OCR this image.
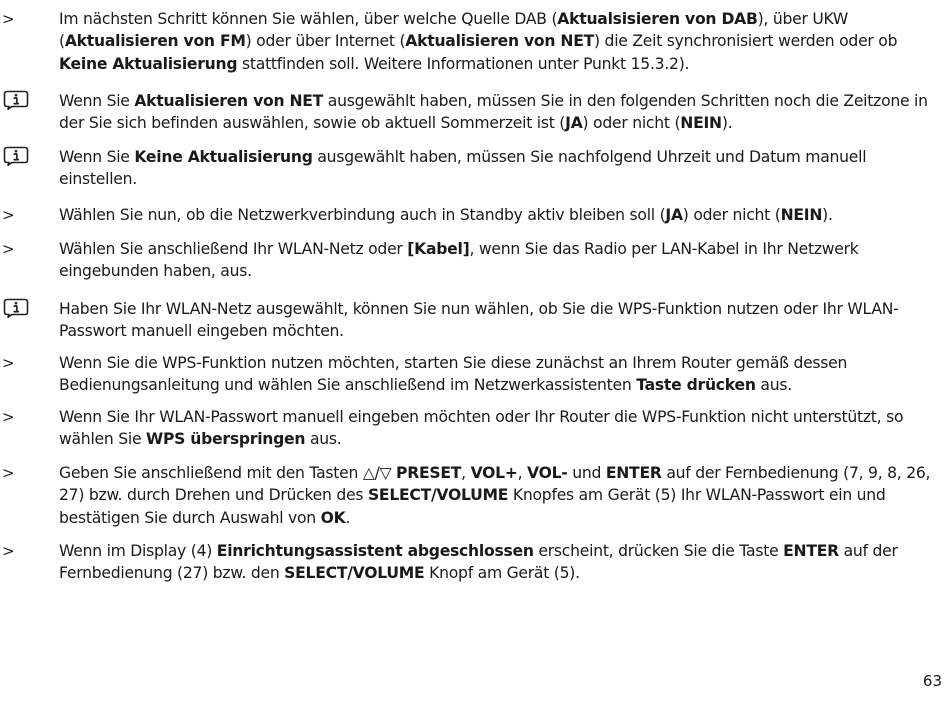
>	Im nächsten Schritt können Sie wählen, über welche Quelle DAB (Aktualsisieren von DAB), über UKW (Aktualisieren von FM) oder über Internet (Aktualisieren von NET) die Zeit synchronisiert werden oder ob Keine Aktualisierung stattfinden soll. Weitere Informationen unter Punkt 15.3.2).
Wenn Sie Aktualisieren von NET ausgewählt haben, müssen Sie in den folgenden Schritten noch die Zeitzone in der Sie sich befinden auswählen, sowie ob aktuell Sommerzeit ist (JA) oder nicht (NEIN).
Wenn Sie Keine Aktualisierung ausgewählt haben, müssen Sie nachfolgend Uhrzeit und Datum manuell einstellen.
>	Wählen Sie nun, ob die Netzwerkverbindung auch in Standby aktiv bleiben soll (JA) oder nicht (NEIN).
>	Wählen Sie anschließend Ihr WLAN-Netz oder [Kabel], wenn Sie das Radio per LAN-Kabel in Ihr Netzwerk eingebunden haben, aus.
Haben Sie Ihr WLAN-Netz ausgewählt, können Sie nun wählen, ob Sie die WPS-Funktion nutzen oder Ihr WLAN-Passwort manuell eingeben möchten.
>	Wenn Sie die WPS-Funktion nutzen möchten, starten Sie diese zunächst an Ihrem Router gemäß dessen Bedienungsanleitung und wählen Sie anschließend im Netzwerkassistenten Taste drücken aus.
>	Wenn Sie Ihr WLAN-Passwort manuell eingeben möchten oder Ihr Router die WPS-Funktion nicht unterstützt, so wählen Sie WPS überspringen aus.
>	Geben Sie anschließend mit den Tasten △/▽ PRESET, VOL+, VOL- und ENTER auf der Fernbedienung (7, 9, 8, 26, 27) bzw. durch Drehen und Drücken des SELECT/VOLUME Knopfes am Gerät (5) Ihr WLAN-Passwort ein und bestätigen Sie durch Auswahl von OK.
>	Wenn im Display (4) Einrichtungsassistent abgeschlossen erscheint, drücken Sie die Taste ENTER auf der Fernbedienung (27) bzw. den SELECT/VOLUME Knopf am Gerät (5).
63
